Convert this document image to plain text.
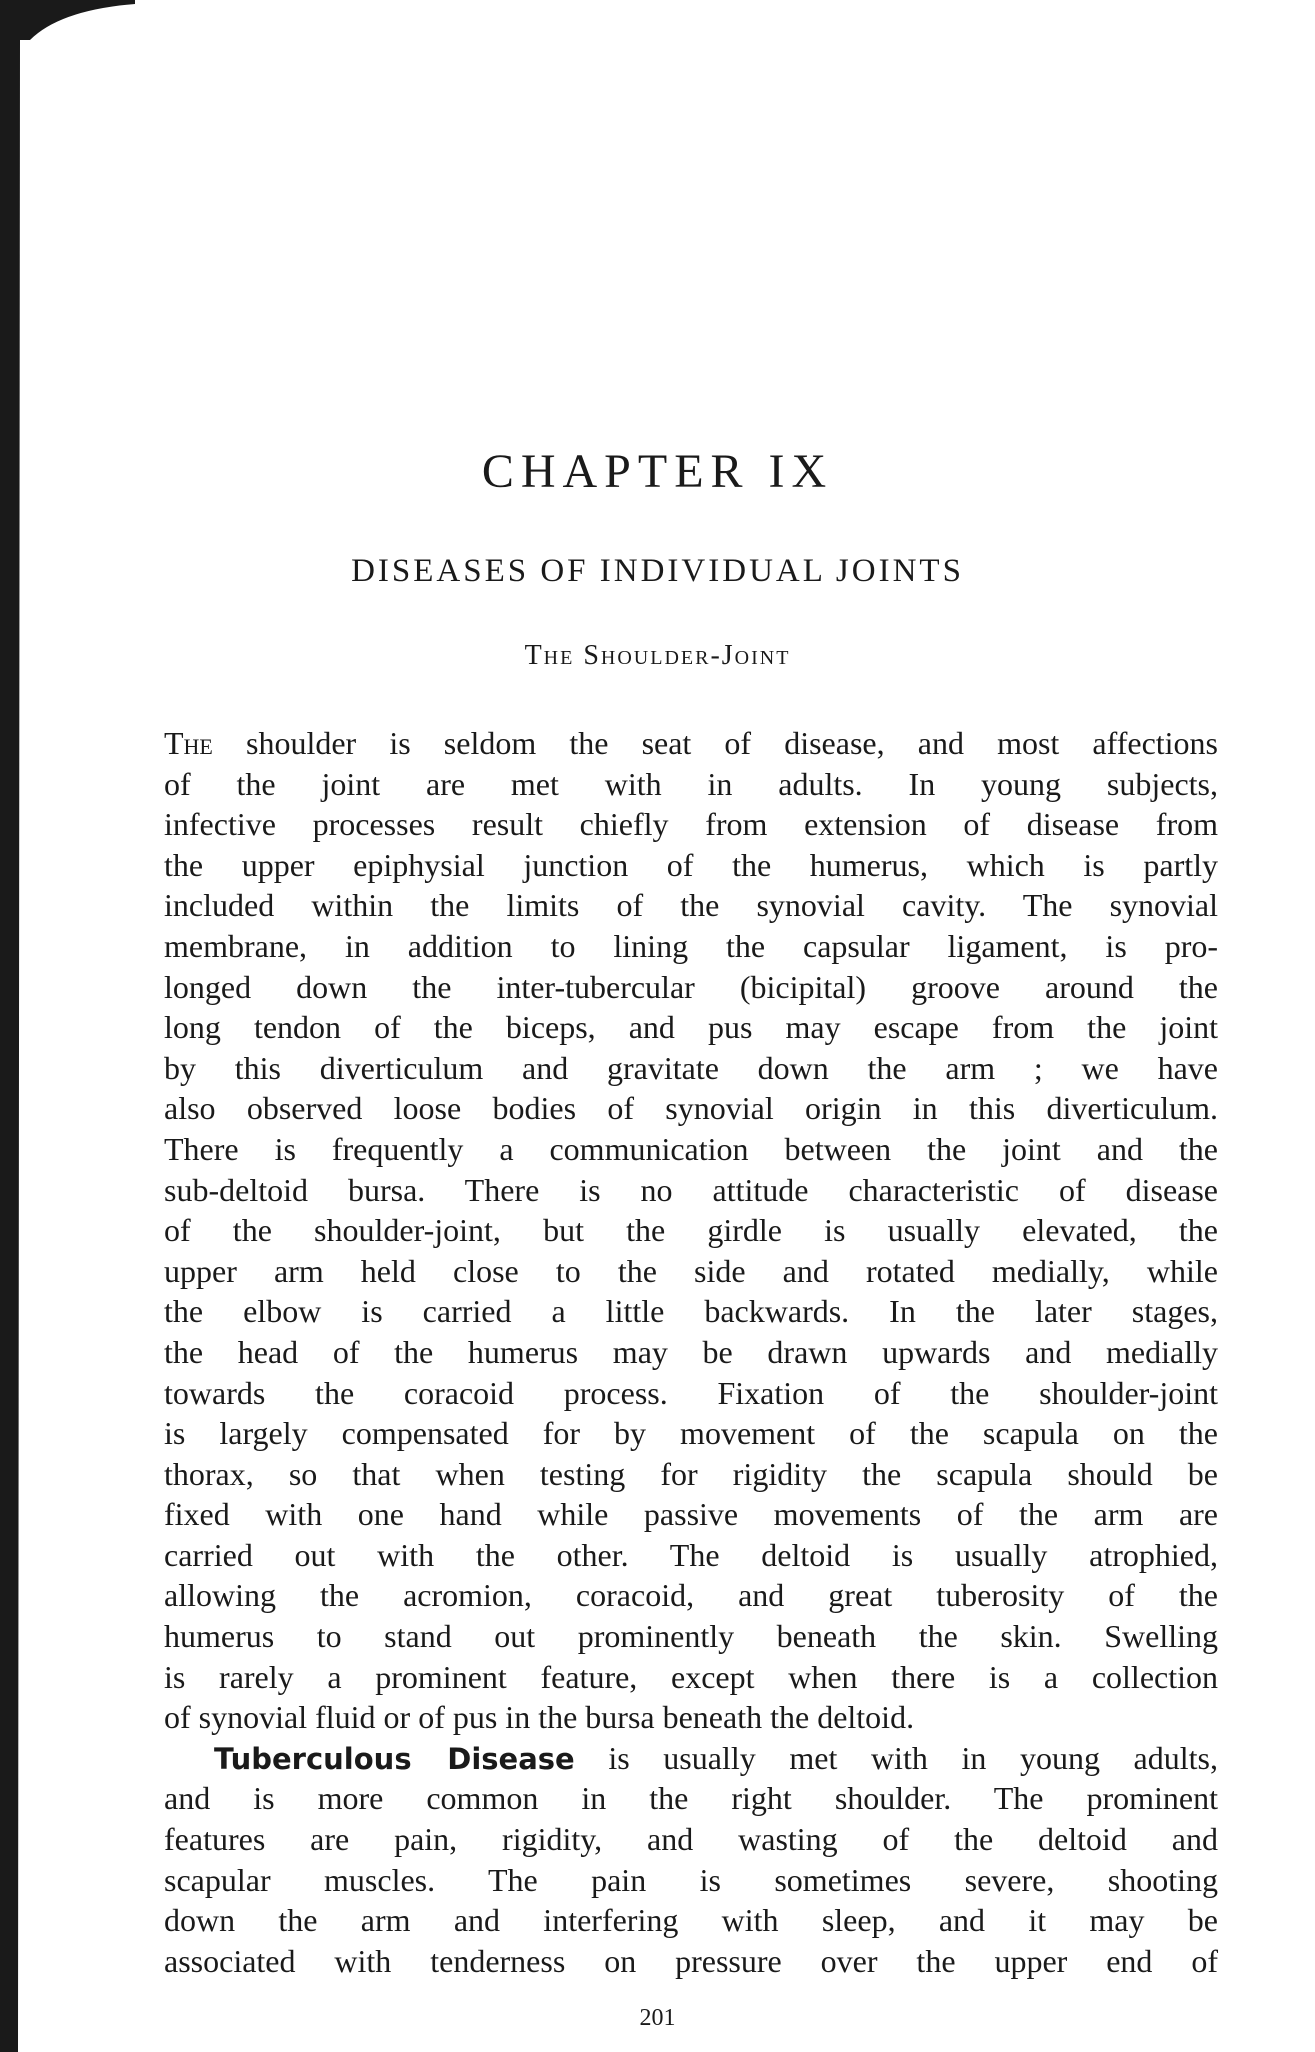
CHAPTER IX
DISEASES OF INDIVIDUAL JOINTS
The Shoulder-Joint

The shoulder is seldom the seat of disease, and most affections
of the joint are met with in adults. In young subjects,
infective processes result chiefly from extension of disease from
the upper epiphysial junction of the humerus, which is partly
included within the limits of the synovial cavity. The synovial
membrane, in addition to lining the capsular ligament, is pro-
longed down the inter-tubercular (bicipital) groove around the
long tendon of the biceps, and pus may escape from the joint
by this diverticulum and gravitate down the arm ; we have
also observed loose bodies of synovial origin in this diverticulum.
There is frequently a communication between the joint and the
sub-deltoid bursa. There is no attitude characteristic of disease
of the shoulder-joint, but the girdle is usually elevated, the
upper arm held close to the side and rotated medially, while
the elbow is carried a little backwards. In the later stages,
the head of the humerus may be drawn upwards and medially
towards the coracoid process. Fixation of the shoulder-joint
is largely compensated for by movement of the scapula on the
thorax, so that when testing for rigidity the scapula should be
fixed with one hand while passive movements of the arm are
carried out with the other. The deltoid is usually atrophied,
allowing the acromion, coracoid, and great tuberosity of the
humerus to stand out prominently beneath the skin. Swelling
is rarely a prominent feature, except when there is a collection
of synovial fluid or of pus in the bursa beneath the deltoid.

Tuberculous Disease is usually met with in young adults,
and is more common in the right shoulder. The prominent
features are pain, rigidity, and wasting of the deltoid and
scapular muscles. The pain is sometimes severe, shooting
down the arm and interfering with sleep, and it may be
associated with tenderness on pressure over the upper end of

201
